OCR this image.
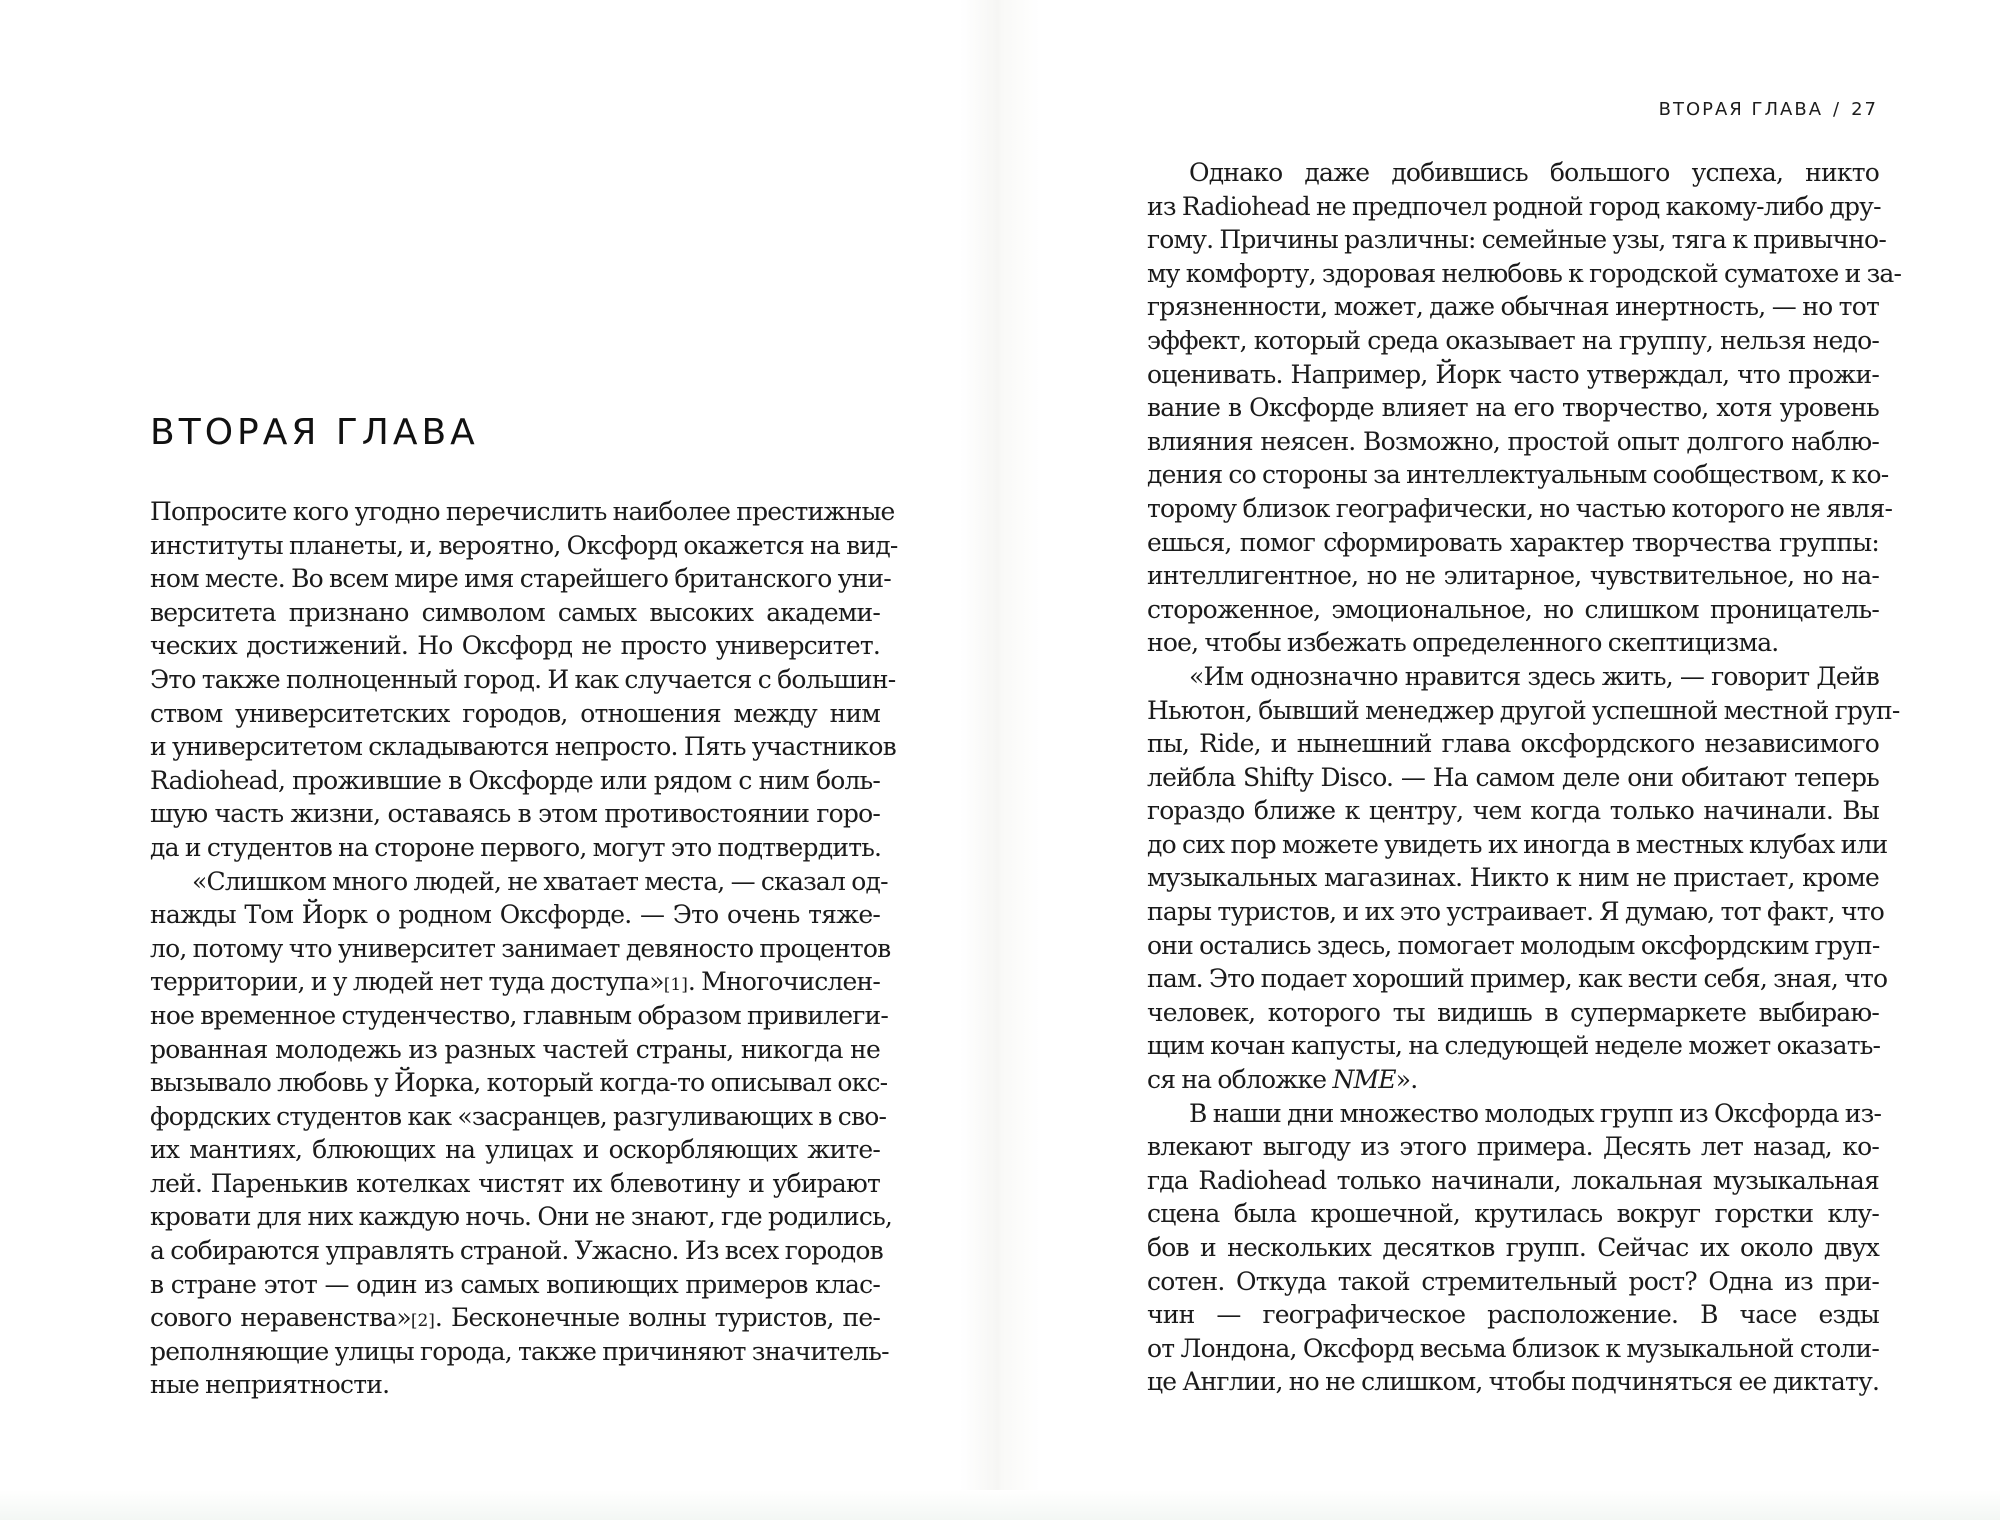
ВТОРАЯ ГЛАВА / 27
ВТОРАЯ ГЛАВА
Попросите кого угодно перечислить наиболее престижные
институты планеты, и, вероятно, Оксфорд окажется на вид-
ном месте. Во всем мире имя старейшего британского уни-
верситета признано символом самых высоких академи-
ческих достижений. Но Оксфорд не просто университет.
Это также полноценный город. И как случается с большин-
ством университетских городов, отношения между ним
и университетом складываются непросто. Пять участников
Radiohead, прожившие в Оксфорде или рядом с ним боль-
шую часть жизни, оставаясь в этом противостоянии горо-
да и студентов на стороне первого, могут это подтвердить.
«Слишком много людей, не хватает места, — сказал од-
нажды Том Йорк о родном Оксфорде. — Это очень тяже-
ло, потому что университет занимает девяносто процентов
территории, и у людей нет туда доступа»[1]. Многочислен-
ное временное студенчество, главным образом привилеги-
рованная молодежь из разных частей страны, никогда не
вызывало любовь у Йорка, который когда-то описывал окс-
фордских студентов как «засранцев, разгуливающих в сво-
их мантиях, блюющих на улицах и оскорбляющих жите-
лей. Паренькив котелках чистят их блевотину и убирают
кровати для них каждую ночь. Они не знают, где родились,
а собираются управлять страной. Ужасно. Из всех городов
в стране этот — один из самых вопиющих примеров клас-
сового неравенства»[2]. Бесконечные волны туристов, пе-
реполняющие улицы города, также причиняют значитель-
ные неприятности.
Однако даже добившись большого успеха, никто
из Radiohead не предпочел родной город какому-либо дру-
гому. Причины различны: семейные узы, тяга к привычно-
му комфорту, здоровая нелюбовь к городской суматохе и за-
грязненности, может, даже обычная инертность, — но тот
эффект, который среда оказывает на группу, нельзя недо-
оценивать. Например, Йорк часто утверждал, что прожи-
вание в Оксфорде влияет на его творчество, хотя уровень
влияния неясен. Возможно, простой опыт долгого наблю-
дения со стороны за интеллектуальным сообществом, к ко-
торому близок географически, но частью которого не явля-
ешься, помог сформировать характер творчества группы:
интеллигентное, но не элитарное, чувствительное, но на-
стороженное, эмоциональное, но слишком проницатель-
ное, чтобы избежать определенного скептицизма.
«Им однозначно нравится здесь жить, — говорит Дейв
Ньютон, бывший менеджер другой успешной местной груп-
пы, Ride, и нынешний глава оксфордского независимого
лейбла Shifty Disco. — На самом деле они обитают теперь
гораздо ближе к центру, чем когда только начинали. Вы
до сих пор можете увидеть их иногда в местных клубах или
музыкальных магазинах. Никто к ним не пристает, кроме
пары туристов, и их это устраивает. Я думаю, тот факт, что
они остались здесь, помогает молодым оксфордским груп-
пам. Это подает хороший пример, как вести себя, зная, что
человек, которого ты видишь в супермаркете выбираю-
щим кочан капусты, на следующей неделе может оказать-
ся на обложке NME».
В наши дни множество молодых групп из Оксфорда из-
влекают выгоду из этого примера. Десять лет назад, ко-
гда Radiohead только начинали, локальная музыкальная
сцена была крошечной, крутилась вокруг горстки клу-
бов и нескольких десятков групп. Сейчас их около двух
сотен. Откуда такой стремительный рост? Одна из при-
чин — географическое расположение. В часе езды
от Лондона, Оксфорд весьма близок к музыкальной столи-
це Англии, но не слишком, чтобы подчиняться ее диктату.
